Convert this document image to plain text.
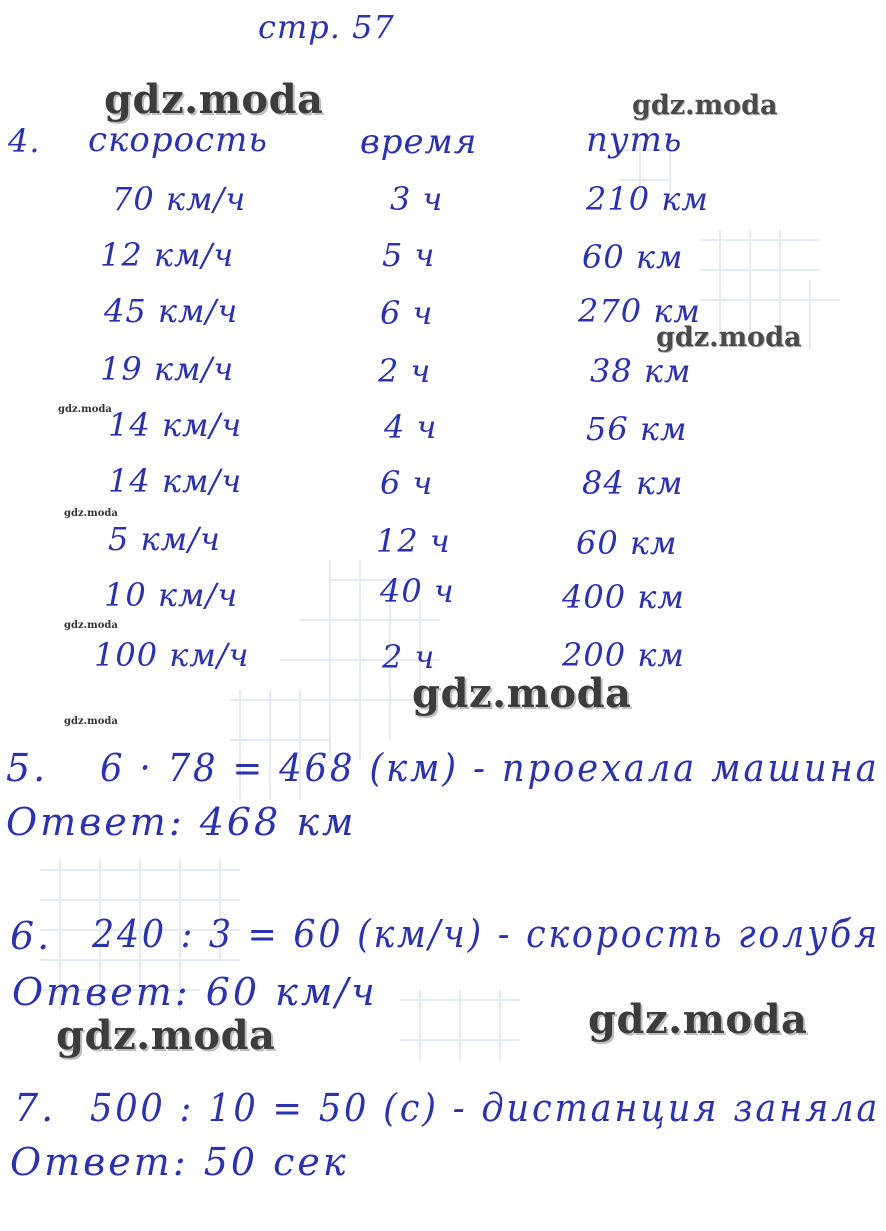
стр. 57
gdz.moda	gdz.moda
gdz.moda
gdz.moda
gdz.moda
gdz.moda
gdz.moda
gdz.moda
gdz.moda	gdz.moda
4. скорость	время	путь
70 км/ч	3 ч	210 км
12 км/ч	5 ч	60 км
45 км/ч	6 ч	270 км
19 км/ч	2 ч	38 км
14 км/ч	4 ч	56 км
14 км/ч	6 ч	84 км
5 км/ч	12 ч	60 км
10 км/ч	40 ч	400 км
100 км/ч	2 ч	200 км
5. 6 · 78 = 468 (км) - проехала машина
Ответ: 468 км
6. 240 : 3 = 60 (км/ч) - скорость голубя
Ответ: 60 км/ч
7. 500 : 10 = 50 (с) - дистанция заняла
Ответ: 50 сек
